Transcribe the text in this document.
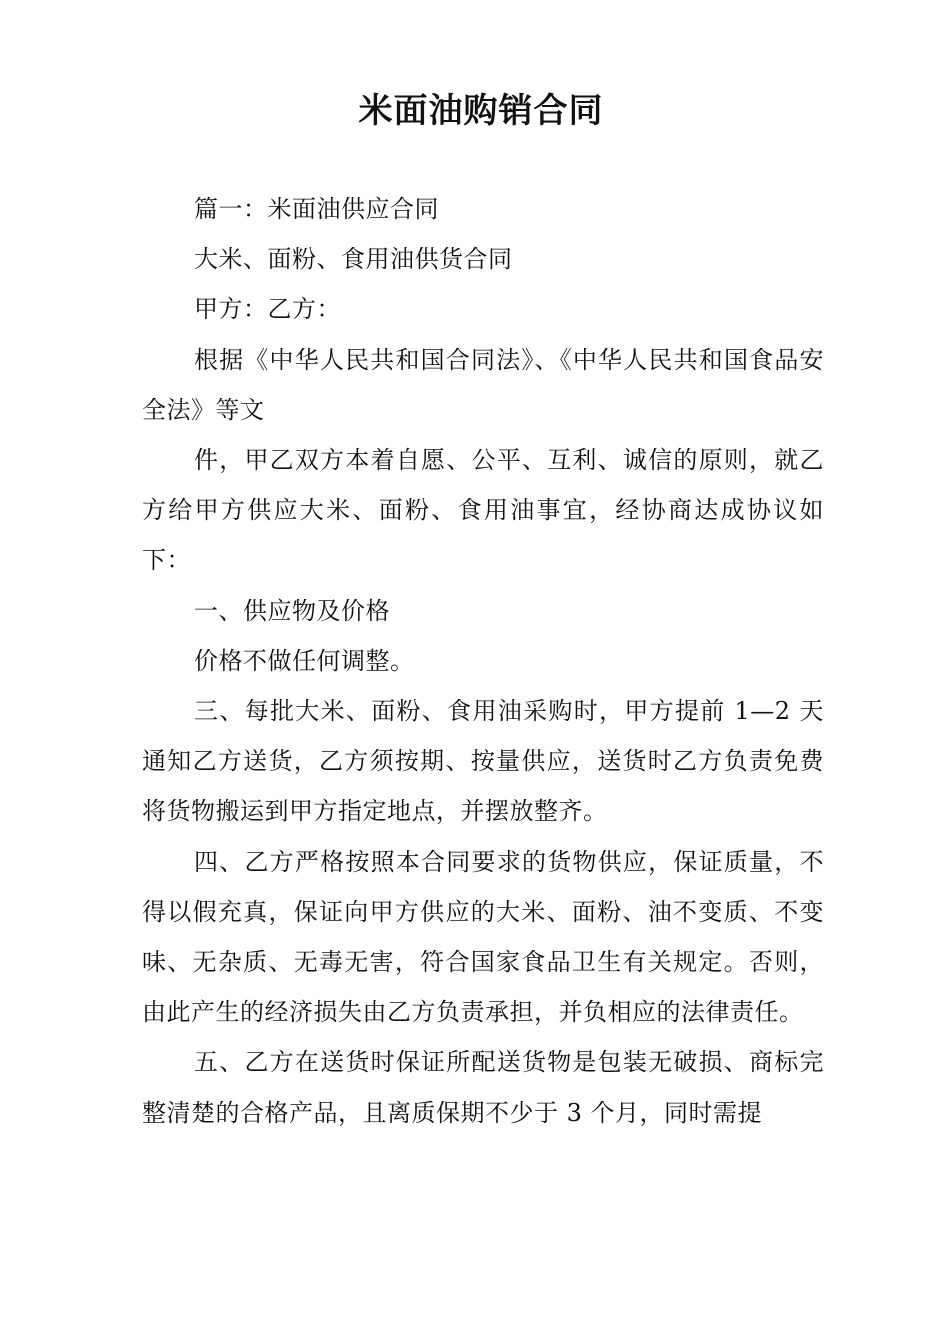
米面油购销合同

篇一：米面油供应合同

大米、面粉、食用油供货合同

甲方：乙方：

根据《中华人民共和国合同法》、《中华人民共和国食品安全法》等文

件，甲乙双方本着自愿、公平、互利、诚信的原则，就乙方给甲方供应大米、面粉、食用油事宜，经协商达成协议如下：

一、供应物及价格

价格不做任何调整。

三、每批大米、面粉、食用油采购时，甲方提前 1—2 天通知乙方送货，乙方须按期、按量供应，送货时乙方负责免费将货物搬运到甲方指定地点，并摆放整齐。

四、乙方严格按照本合同要求的货物供应，保证质量，不得以假充真，保证向甲方供应的大米、面粉、油不变质、不变味、无杂质、无毒无害，符合国家食品卫生有关规定。否则，由此产生的经济损失由乙方负责承担，并负相应的法律责任。

五、乙方在送货时保证所配送货物是包装无破损、商标完整清楚的合格产品，且离质保期不少于 3 个月，同时需提
